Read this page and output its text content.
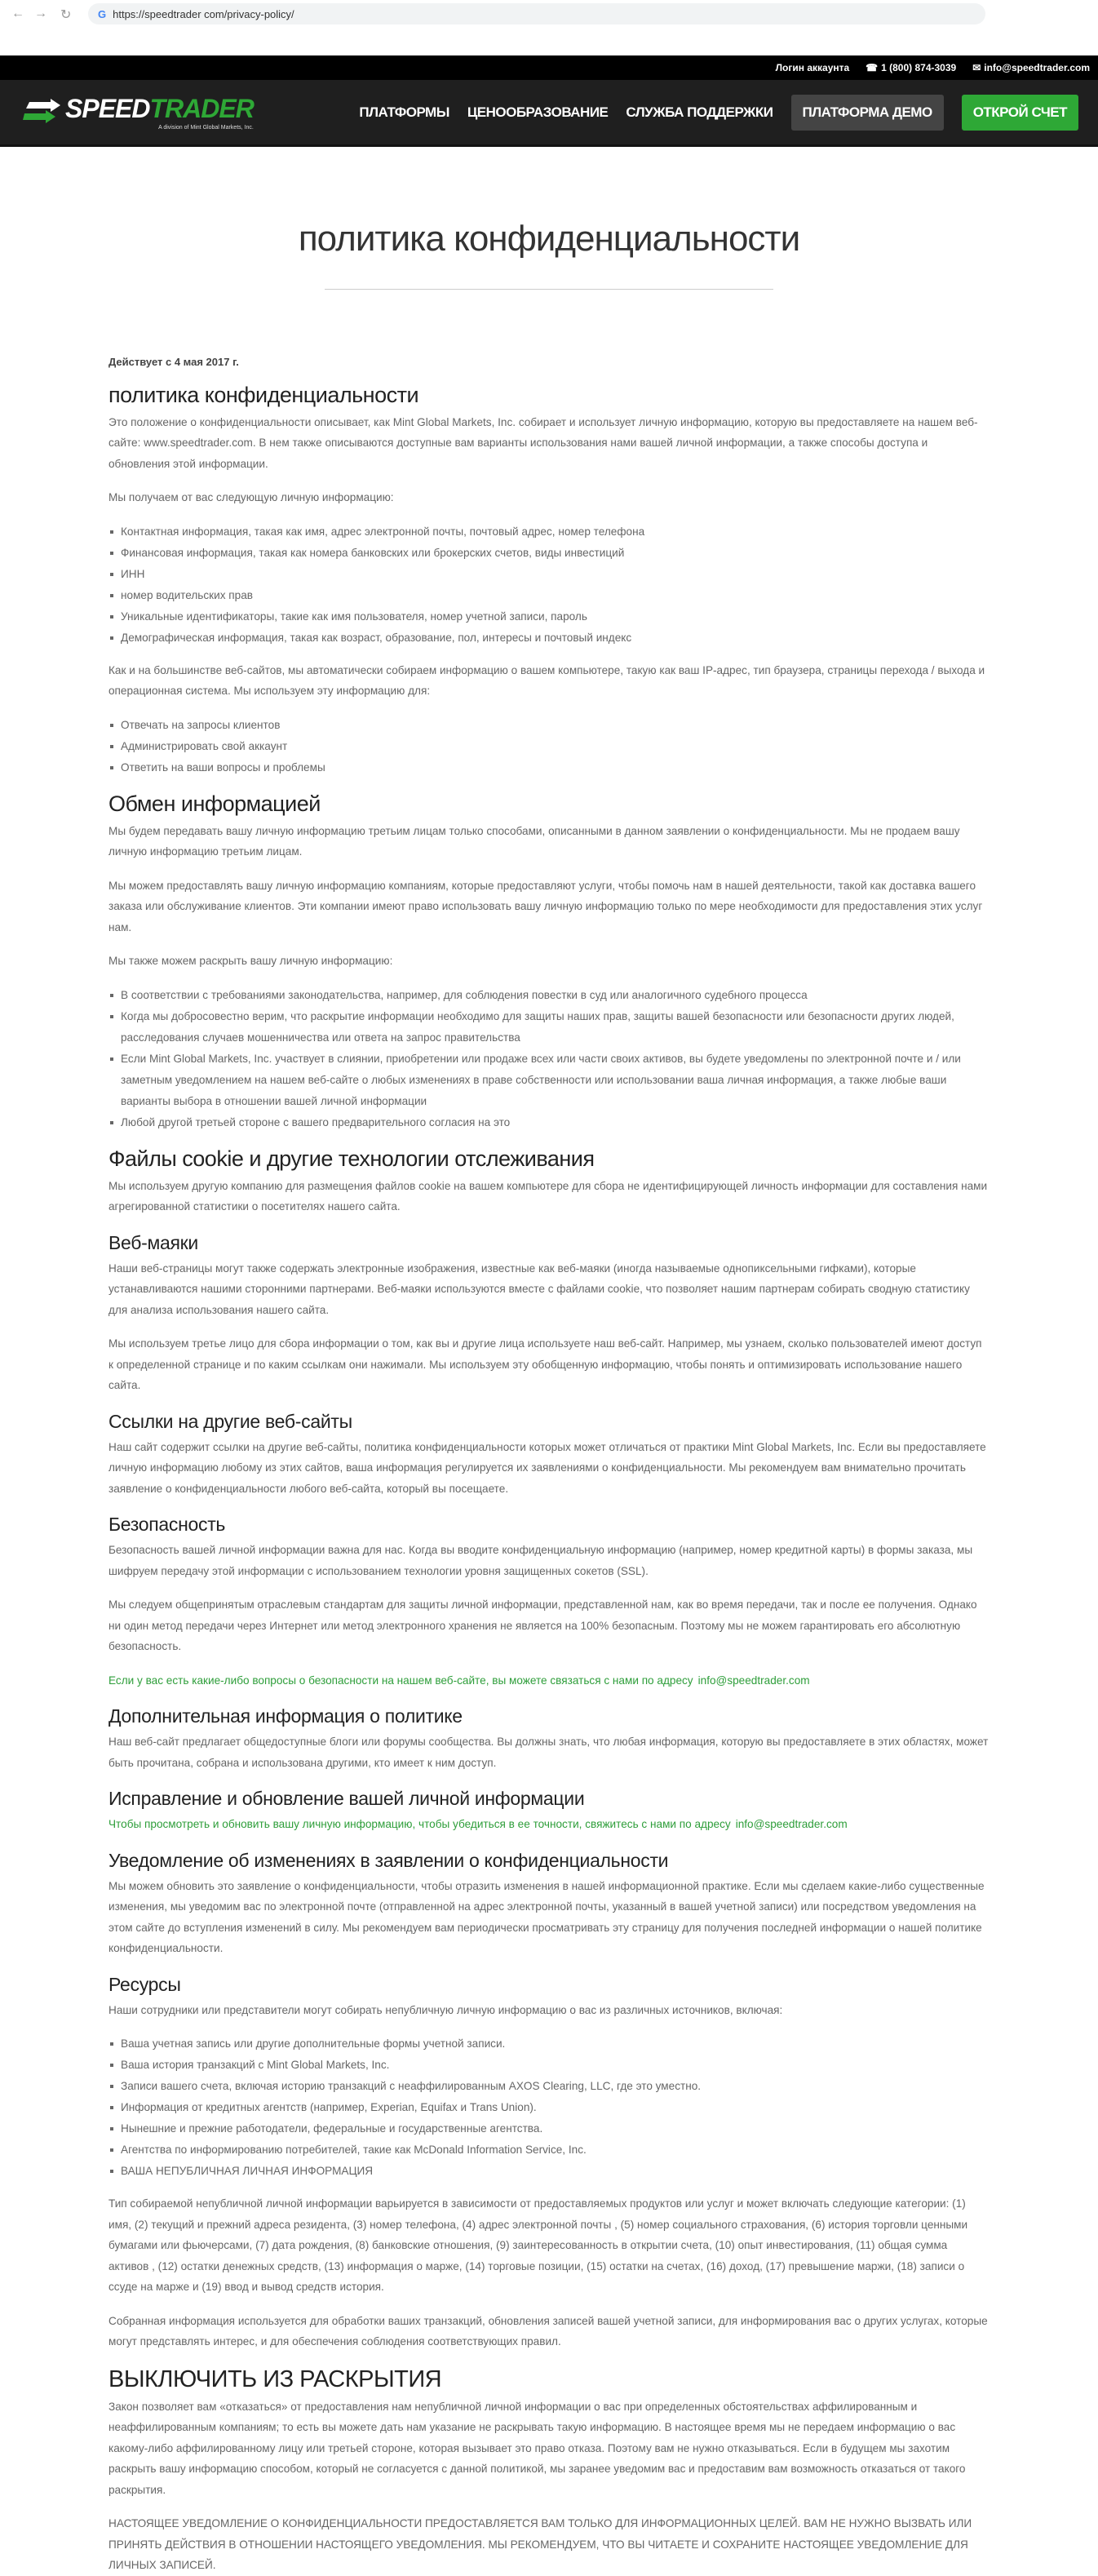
← → ↻	G https://speedtrader com/privacy-policy/
Логин аккаунта ☎ 1 (800) 874-3039 ✉ info@speedtrader.com
SPEEDTRADER
A division of Mint Global Markets, Inc.
ПЛАТФОРМЫ ЦЕНООБРАЗОВАНИЕ СЛУЖБА ПОДДЕРЖКИ	ПЛАТФОРМА ДЕМО	ОТКРОЙ СЧЕТ
политика конфиденциальности
Действует с 4 мая 2017 г.
политика конфиденциальности

Это положение о конфиденциальности описывает, как Mint Global Markets, Inc. собирает и использует личную информацию, которую вы предоставляете на нашем веб-сайте: www.speedtrader.com. В нем также описываются доступные вам варианты использования нами вашей личной информации, а также способы доступа и обновления этой информации.

Мы получаем от вас следующую личную информацию:

Контактная информация, такая как имя, адрес электронной почты, почтовый адрес, номер телефона
Финансовая информация, такая как номера банковских или брокерских счетов, виды инвестиций
ИНН
номер водительских прав
Уникальные идентификаторы, такие как имя пользователя, номер учетной записи, пароль
Демографическая информация, такая как возраст, образование, пол, интересы и почтовый индекс

Как и на большинстве веб-сайтов, мы автоматически собираем информацию о вашем компьютере, такую как ваш IP-адрес, тип браузера, страницы перехода / выхода и операционная система. Мы используем эту информацию для:

Отвечать на запросы клиентов
Администрировать свой аккаунт
Ответить на ваши вопросы и проблемы
Обмен информацией

Мы будем передавать вашу личную информацию третьим лицам только способами, описанными в данном заявлении о конфиденциальности. Мы не продаем вашу личную информацию третьим лицам.

Мы можем предоставлять вашу личную информацию компаниям, которые предоставляют услуги, чтобы помочь нам в нашей деятельности, такой как доставка вашего заказа или обслуживание клиентов. Эти компании имеют право использовать вашу личную информацию только по мере необходимости для предоставления этих услуг нам.

Мы также можем раскрыть вашу личную информацию:

В соответствии с требованиями законодательства, например, для соблюдения повестки в суд или аналогичного судебного процесса
Когда мы добросовестно верим, что раскрытие информации необходимо для защиты наших прав, защиты вашей безопасности или безопасности других людей, расследования случаев мошенничества или ответа на запрос правительства
Если Mint Global Markets, Inc. участвует в слиянии, приобретении или продаже всех или части своих активов, вы будете уведомлены по электронной почте и / или заметным уведомлением на нашем веб-сайте о любых изменениях в праве собственности или использовании ваша личная информация, а также любые ваши варианты выбора в отношении вашей личной информации
Любой другой третьей стороне с вашего предварительного согласия на это
Файлы cookie и другие технологии отслеживания

Мы используем другую компанию для размещения файлов cookie на вашем компьютере для сбора не идентифицирующей личность информации для составления нами агрегированной статистики о посетителях нашего сайта.

Веб-маяки

Наши веб-страницы могут также содержать электронные изображения, известные как веб-маяки (иногда называемые однопиксельными гифками), которые устанавливаются нашими сторонними партнерами. Веб-маяки используются вместе с файлами cookie, что позволяет нашим партнерам собирать сводную статистику для анализа использования нашего сайта.

Мы используем третье лицо для сбора информации о том, как вы и другие лица используете наш веб-сайт. Например, мы узнаем, сколько пользователей имеют доступ к определенной странице и по каким ссылкам они нажимали. Мы используем эту обобщенную информацию, чтобы понять и оптимизировать использование нашего сайта.

Ссылки на другие веб-сайты

Наш сайт содержит ссылки на другие веб-сайты, политика конфиденциальности которых может отличаться от практики Mint Global Markets, Inc. Если вы предоставляете личную информацию любому из этих сайтов, ваша информация регулируется их заявлениями о конфиденциальности. Мы рекомендуем вам внимательно прочитать заявление о конфиденциальности любого веб-сайта, который вы посещаете.

Безопасность

Безопасность вашей личной информации важна для нас. Когда вы вводите конфиденциальную информацию (например, номер кредитной карты) в формы заказа, мы шифруем передачу этой информации с использованием технологии уровня защищенных сокетов (SSL).

Мы следуем общепринятым отраслевым стандартам для защиты личной информации, представленной нам, как во время передачи, так и после ее получения. Однако ни один метод передачи через Интернет или метод электронного хранения не является на 100% безопасным. Поэтому мы не можем гарантировать его абсолютную безопасность.

Если у вас есть какие-либо вопросы о безопасности на нашем веб-сайте, вы можете связаться с нами по адресу info@speedtrader.com

Дополнительная информация о политике

Наш веб-сайт предлагает общедоступные блоги или форумы сообщества. Вы должны знать, что любая информация, которую вы предоставляете в этих областях, может быть прочитана, собрана и использована другими, кто имеет к ним доступ.

Исправление и обновление вашей личной информации

Чтобы просмотреть и обновить вашу личную информацию, чтобы убедиться в ее точности, свяжитесь с нами по адресу info@speedtrader.com

Уведомление об изменениях в заявлении о конфиденциальности

Мы можем обновить это заявление о конфиденциальности, чтобы отразить изменения в нашей информационной практике. Если мы сделаем какие-либо существенные изменения, мы уведомим вас по электронной почте (отправленной на адрес электронной почты, указанный в вашей учетной записи) или посредством уведомления на этом сайте до вступления изменений в силу. Мы рекомендуем вам периодически просматривать эту страницу для получения последней информации о нашей политике конфиденциальности.

Ресурсы

Наши сотрудники или представители могут собирать непубличную личную информацию о вас из различных источников, включая:

Ваша учетная запись или другие дополнительные формы учетной записи.
Ваша история транзакций с Mint Global Markets, Inc.
Записи вашего счета, включая историю транзакций с неаффилированным AXOS Clearing, LLC, где это уместно.
Информация от кредитных агентств (например, Experian, Equifax и Trans Union).
Нынешние и прежние работодатели, федеральные и государственные агентства.
Агентства по информированию потребителей, такие как McDonald Information Service, Inc.
ВАША НЕПУБЛИЧНАЯ ЛИЧНАЯ ИНФОРМАЦИЯ

Тип собираемой непубличной личной информации варьируется в зависимости от предоставляемых продуктов или услуг и может включать следующие категории: (1) имя, (2) текущий и прежний адреса резидента, (3) номер телефона, (4) адрес электронной почты , (5) номер социального страхования, (6) история торговли ценными бумагами или фьючерсами, (7) дата рождения, (8) банковские отношения, (9) заинтересованность в открытии счета, (10) опыт инвестирования, (11) общая сумма активов , (12) остатки денежных средств, (13) информация о марже, (14) торговые позиции, (15) остатки на счетах, (16) доход, (17) превышение маржи, (18) записи о ссуде на марже и (19) ввод и вывод средств история.

Собранная информация используется для обработки ваших транзакций, обновления записей вашей учетной записи, для информирования вас о других услугах, которые могут представлять интерес, и для обеспечения соблюдения соответствующих правил.

ВЫКЛЮЧИТЬ ИЗ РАСКРЫТИЯ

Закон позволяет вам «отказаться» от предоставления нам непубличной личной информации о вас при определенных обстоятельствах аффилированным и неаффилированным компаниям; то есть вы можете дать нам указание не раскрывать такую информацию. В настоящее время мы не передаем информацию о вас какому-либо аффилированному лицу или третьей стороне, которая вызывает это право отказа. Поэтому вам не нужно отказываться. Если в будущем мы захотим раскрыть вашу информацию способом, который не согласуется с данной политикой, мы заранее уведомим вас и предоставим вам возможность отказаться от такого раскрытия.

НАСТОЯЩЕЕ УВЕДОМЛЕНИЕ О КОНФИДЕНЦИАЛЬНОСТИ ПРЕДОСТАВЛЯЕТСЯ ВАМ ТОЛЬКО ДЛЯ ИНФОРМАЦИОННЫХ ЦЕЛЕЙ. ВАМ НЕ НУЖНО ВЫЗВАТЬ ИЛИ ПРИНЯТЬ ДЕЙСТВИЯ В ОТНОШЕНИИ НАСТОЯЩЕГО УВЕДОМЛЕНИЯ. МЫ РЕКОМЕНДУЕМ, ЧТО ВЫ ЧИТАЕТЕ И СОХРАНИТЕ НАСТОЯЩЕЕ УВЕДОМЛЕНИЕ ДЛЯ ЛИЧНЫХ ЗАПИСЕЙ.
